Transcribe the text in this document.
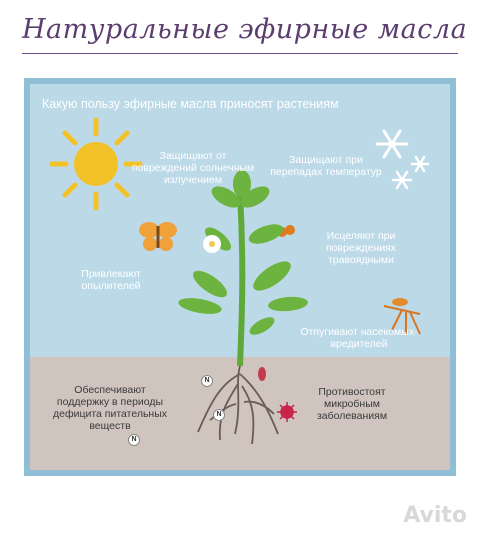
Натуральные эфирные масла
Какую пользу эфирные масла приносят растениям
Защищают от повреждений солнечным излучением
Защищают при перепадах температур
Исцеляют при повреждениях травоядными
Привлекают опылителей
Отпугивают насекомых-вредителей
Обеспечивают поддержку в периоды дефицита питательных веществ
Противостоят микробным заболеваниям
N
N
N
Avito
